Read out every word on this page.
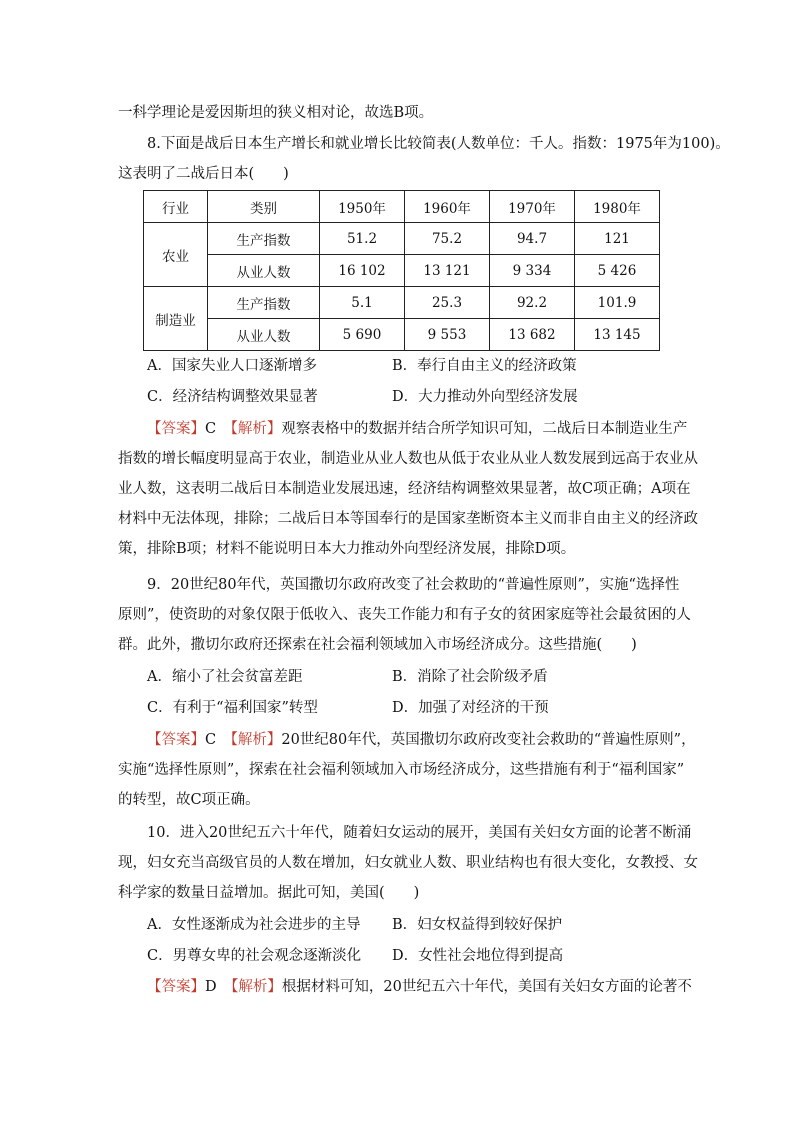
一科学理论是爱因斯坦的狭义相对论，故选B项。

8.下面是战后日本生产增长和就业增长比较简表(人数单位：千人。指数：1975年为100)。
这表明了二战后日本(　　)

行业	类别	1950年	1960年	1970年	1980年
农业	生产指数	51.2	75.2	94.7	121
	从业人数	16 102	13 121	9 334	5 426
制造业	生产指数	5.1	25.3	92.2	101.9
	从业人数	5 690	9 553	13 682	13 145
A．国家失业人口逐渐增多	B．奉行自由主义的经济政策
C．经济结构调整效果显著	D．大力推动外向型经济发展

【答案】C　 【解析】观察表格中的数据并结合所学知识可知，二战后日本制造业生产
指数的增长幅度明显高于农业，制造业从业人数也从低于农业从业人数发展到远高于农业从
业人数，这表明二战后日本制造业发展迅速，经济结构调整效果显著，故C项正确；A项在
材料中无法体现，排除；二战后日本等国奉行的是国家垄断资本主义而非自由主义的经济政
策，排除B项；材料不能说明日本大力推动外向型经济发展，排除D项。

9．20世纪80年代，英国撒切尔政府改变了社会救助的“普遍性原则”，实施“选择性
原则”，使资助的对象仅限于低收入、丧失工作能力和有子女的贫困家庭等社会最贫困的人
群。此外，撒切尔政府还探索在社会福利领域加入市场经济成分。这些措施(　　)

A．缩小了社会贫富差距	B．消除了社会阶级矛盾
C．有利于“福利国家”转型	D．加强了对经济的干预

【答案】C　 【解析】20世纪80年代，英国撒切尔政府改变社会救助的“普遍性原则”，
实施“选择性原则”，探索在社会福利领域加入市场经济成分，这些措施有利于“福利国家”
的转型，故C项正确。

10．进入20世纪五六十年代，随着妇女运动的展开，美国有关妇女方面的论著不断涌
现，妇女充当高级官员的人数在增加，妇女就业人数、职业结构也有很大变化，女教授、女
科学家的数量日益增加。据此可知，美国(　　)

A．女性逐渐成为社会进步的主导	B．妇女权益得到较好保护
C．男尊女卑的社会观念逐渐淡化	D．女性社会地位得到提高

【答案】D　 【解析】根据材料可知，20世纪五六十年代，美国有关妇女方面的论著不
